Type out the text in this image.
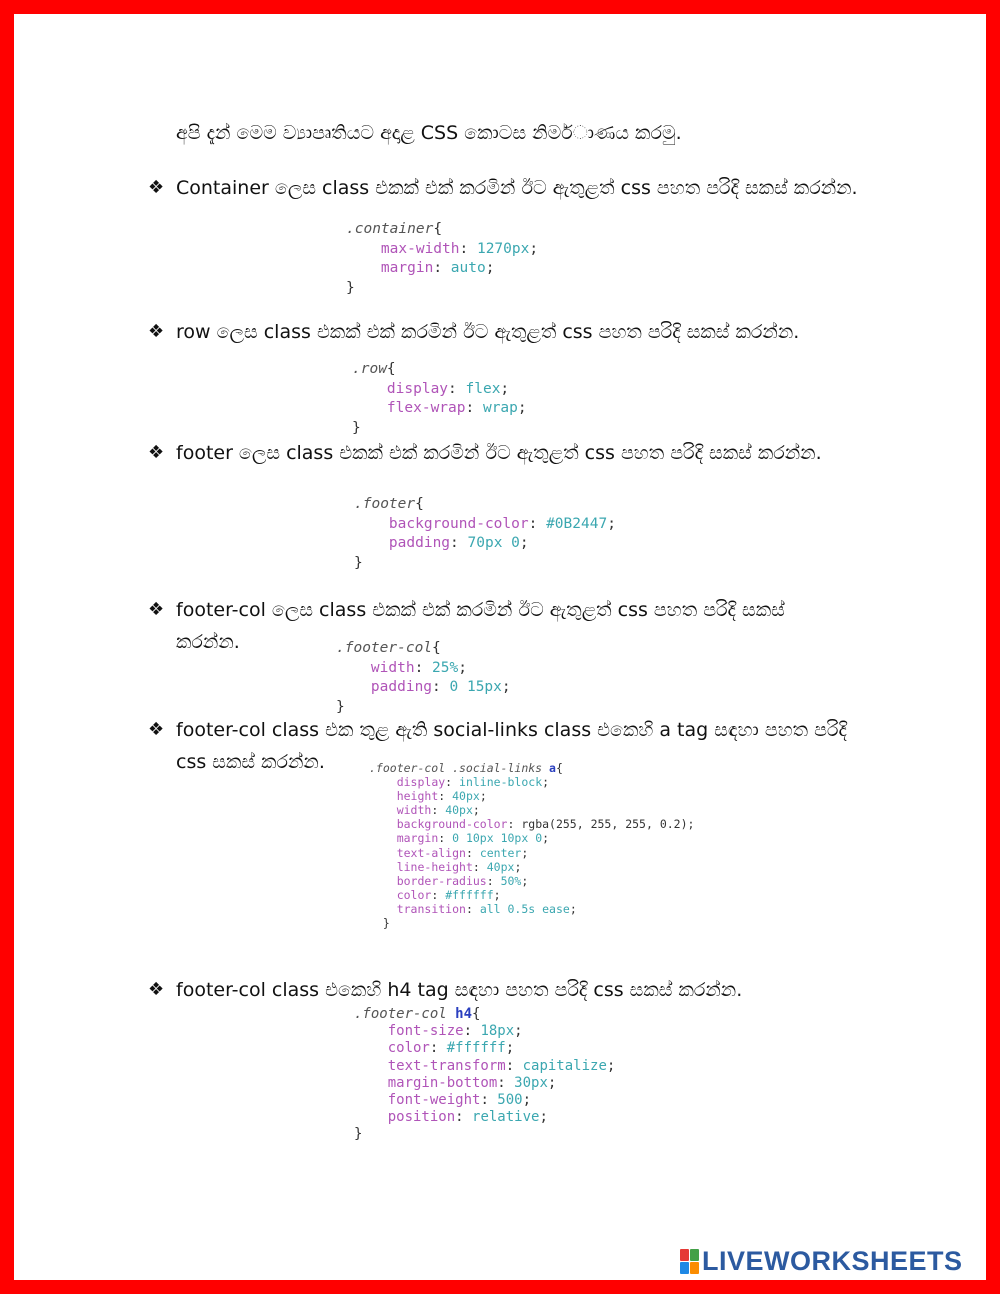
අපි දැන් මෙම ව්‍යාපෘතියට අදාළ CSS කොටස නිමර්ාණය කරමු.
❖ Container ලෙස class එකක් එක් කරමින් ඊට ඇතුළත් css පහත පරිදි සකස් කරන්න.
.container{
max-width: 1270px;
margin: auto;
}
❖ row ලෙස class එකක් එක් කරමින් ඊට ඇතුළත් css පහත පරිදි සකස් කරන්න.
.row{
display: flex;
flex-wrap: wrap;
}
❖ footer ලෙස class එකක් එක් කරමින් ඊට ඇතුළත් css පහත පරිදි සකස් කරන්න.
.footer{
background-color: #0B2447;
padding: 70px 0;
}
❖ footer-col ලෙස class එකක් එක් කරමින් ඊට ඇතුළත් css පහත පරිදි සකස්
කරන්න.	.footer-col{
width: 25%;
padding: 0 15px;
}
❖ footer-col class එක තුළ ඇති social-links class එකෙහි a tag සඳහා පහත පරිදි
css සකස් කරන්න.	.footer-col .social-links a{
display: inline-block;
height: 40px;
width: 40px;
background-color: rgba(255, 255, 255, 0.2);
margin: 0 10px 10px 0;
text-align: center;
line-height: 40px;
border-radius: 50%;
color: #ffffff;
transition: all 0.5s ease;
}
❖ footer-col class එකෙහි h4 tag සඳහා පහත පරිදි css සකස් කරන්න.
.footer-col h4{
font-size: 18px;
color: #ffffff;
text-transform: capitalize;
margin-bottom: 30px;
font-weight: 500;
position: relative;
}
LIVEWORKSHEETS
